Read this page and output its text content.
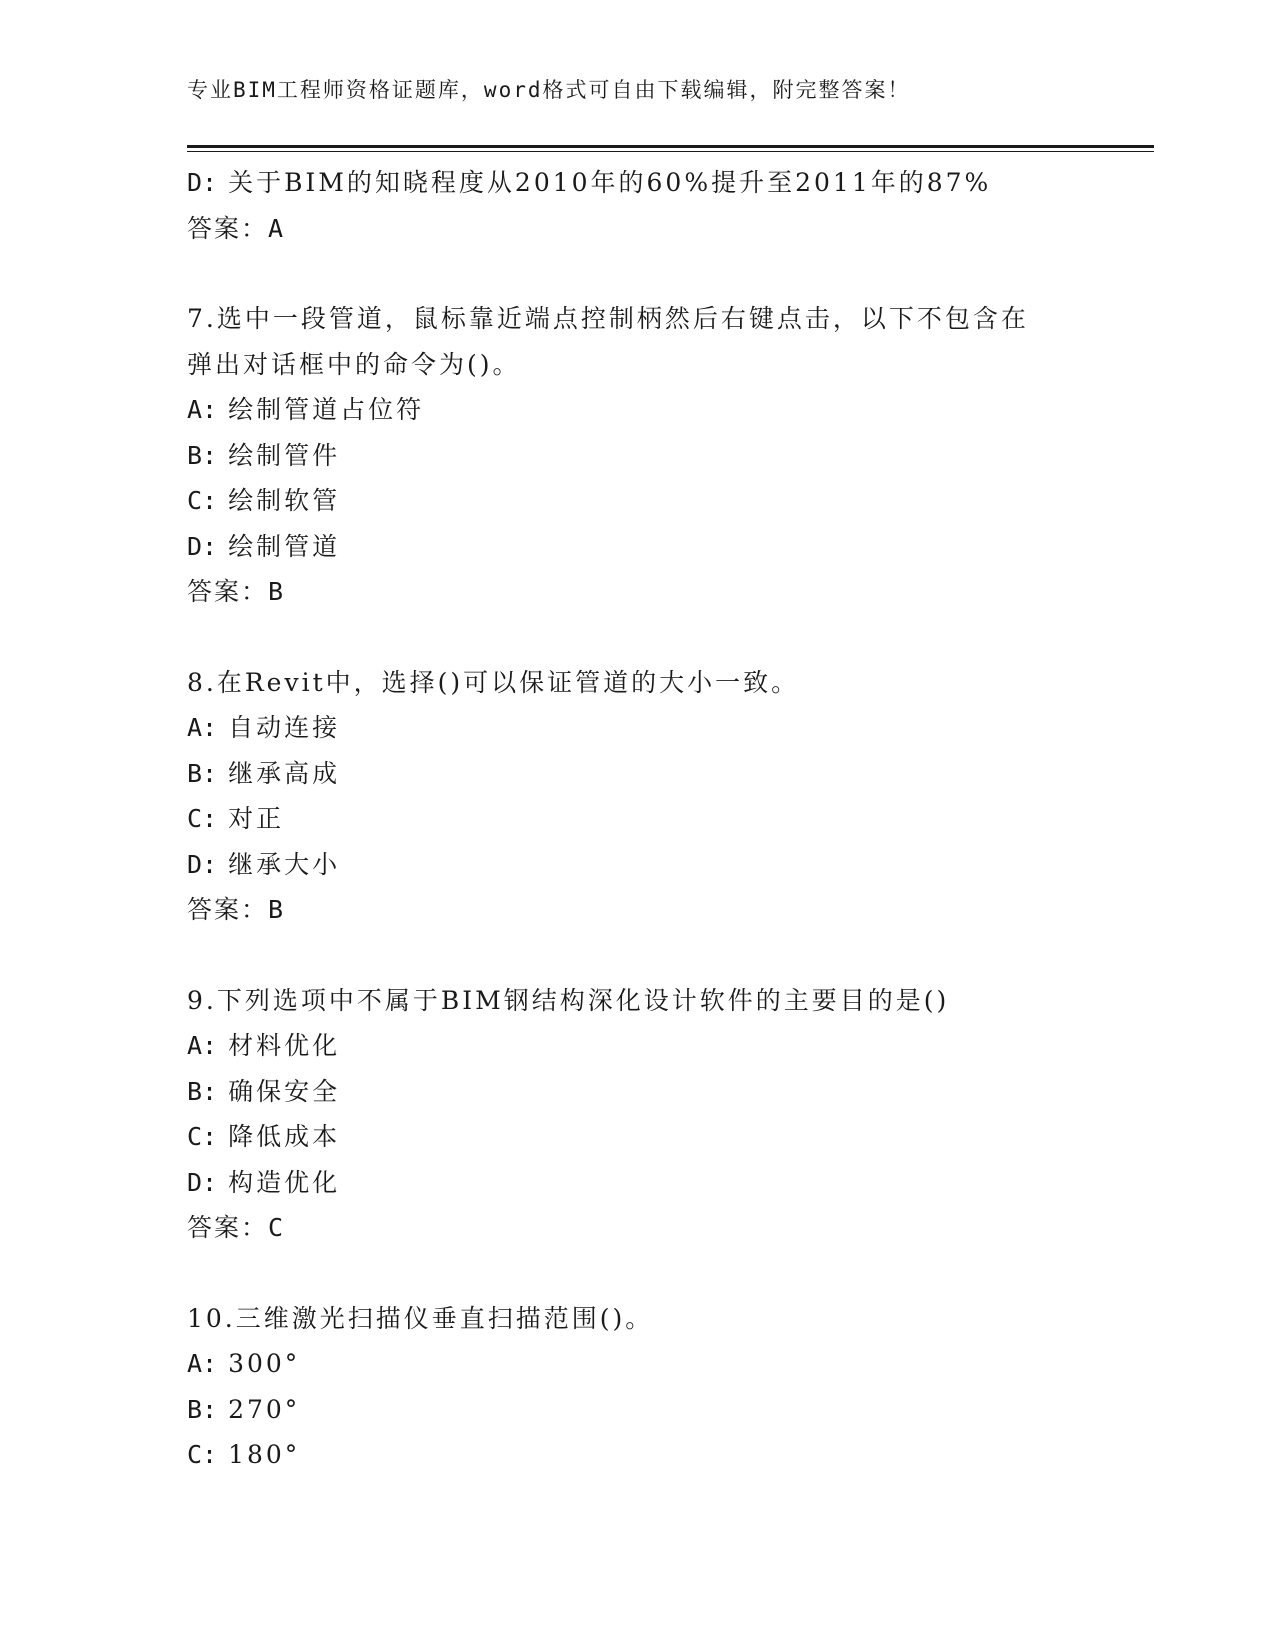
专业BIM工程师资格证题库，word格式可自由下载编辑，附完整答案！
D: 关于BIM的知晓程度从2010年的60%提升至2011年的87%
答案：A
7.选中一段管道，鼠标靠近端点控制柄然后右键点击，以下不包含在
弹出对话框中的命令为()。
A: 绘制管道占位符
B: 绘制管件
C: 绘制软管
D: 绘制管道
答案：B
8.在Revit中，选择()可以保证管道的大小一致。
A: 自动连接
B: 继承高成
C: 对正
D: 继承大小
答案：B
9.下列选项中不属于BIM钢结构深化设计软件的主要目的是()
A: 材料优化
B: 确保安全
C: 降低成本
D: 构造优化
答案：C
10.三维激光扫描仪垂直扫描范围()。
A: 300°
B: 270°
C: 180°
